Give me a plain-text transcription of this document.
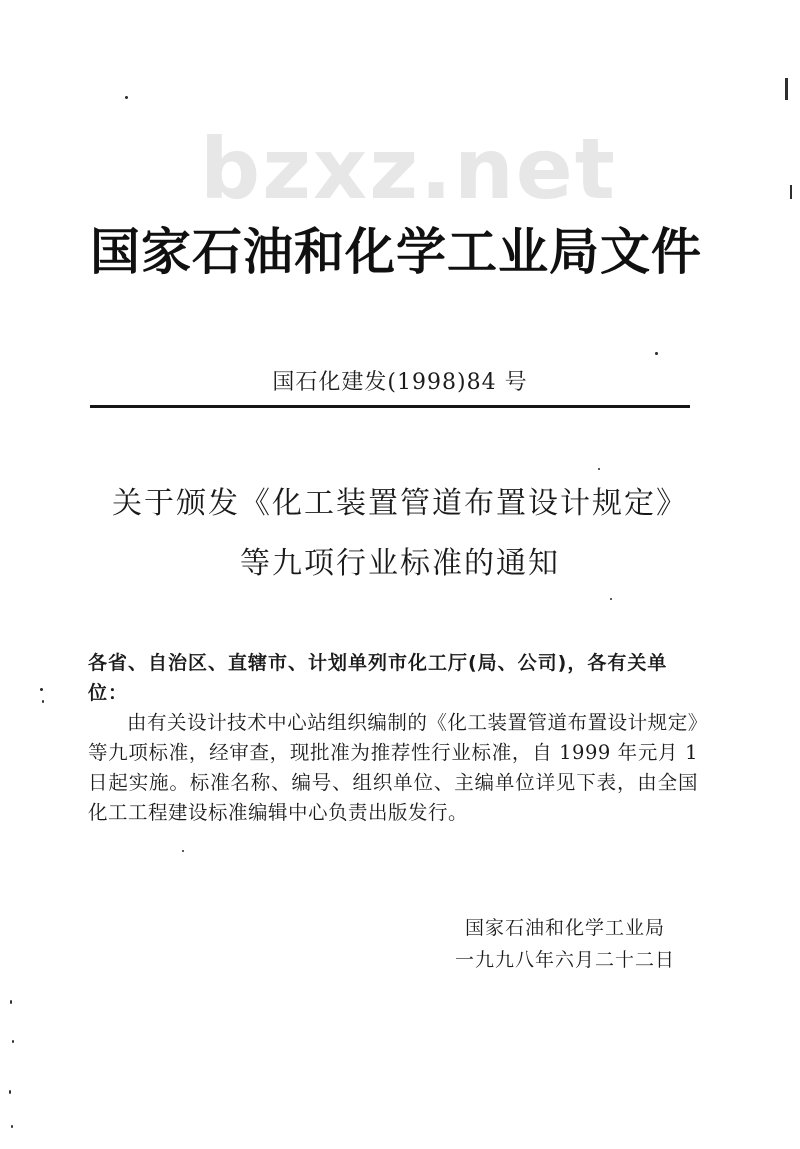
bzxz.net
国家石油和化学工业局文件
国石化建发(1998)84 号
关于颁发《化工装置管道布置设计规定》
等九项行业标准的通知

各省、自治区、直辖市、计划单列市化工厅(局、公司)，各有关单位：

由有关设计技术中心站组织编制的《化工装置管道布置设计规定》等九项标准，经审查，现批准为推荐性行业标准，自 1999 年元月 1 日起实施。标准名称、编号、组织单位、主编单位详见下表，由全国化工工程建设标准编辑中心负责出版发行。

国家石油和化学工业局
一九九八年六月二十二日
